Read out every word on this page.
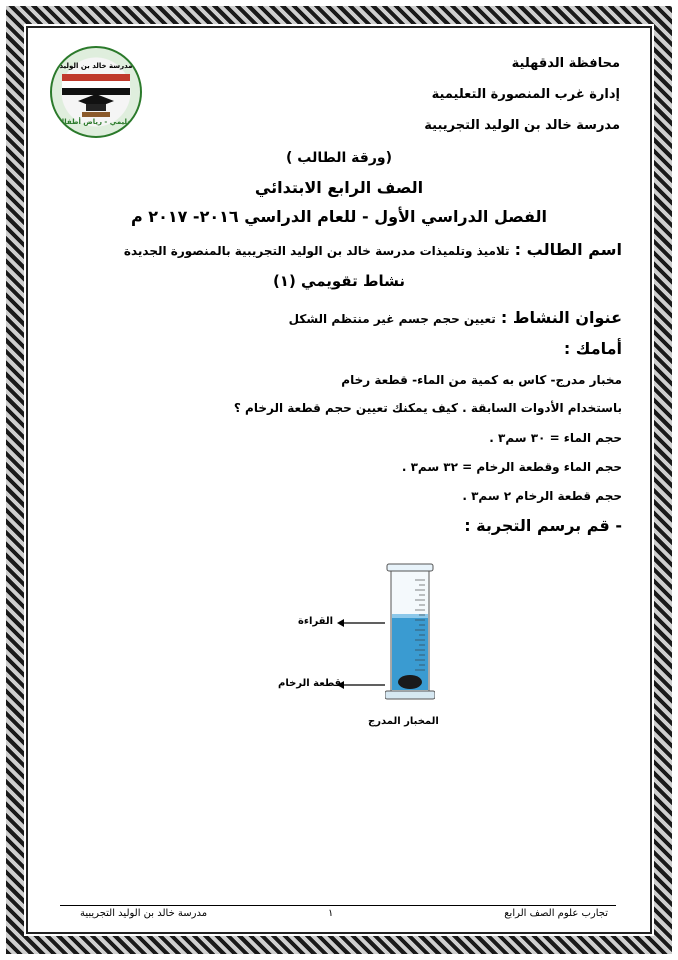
محافظة الدقهلية
إدارة غرب المنصورة التعليمية
مدرسة خالد بن الوليد التجريبية
مدرسة خالد بن الوليد
تعليمي - رياض أطفال
(ورقة الطالب )
الصف الرابع الابتدائي
الفصل الدراسي الأول - للعام الدراسي ٢٠١٦- ٢٠١٧ م
اسم الطالب : تلاميذ وتلميذات مدرسة خالد بن الوليد التجريبية بالمنصورة الجديدة
نشاط تقويمي (١)
عنوان النشاط : تعيين حجم جسم غير منتظم الشكل
أمامك :
مخبار مدرج- كاس به كمية من الماء- قطعة رخام
باستخدام الأدوات السابقة . كيف يمكنك تعيين حجم قطعة الرخام ؟
حجم الماء = ٣٠ سم٣ .
حجم الماء وقطعة الرخام = ٣٢ سم٣ .
حجم قطعة الرخام ٢ سم٣ .
- قم برسم التجربة :
القراءة
قطعة الرخام
المخبار المدرج
مدرسة خالد بن الوليد التجريبية	١	تجارب علوم الصف الرابع
